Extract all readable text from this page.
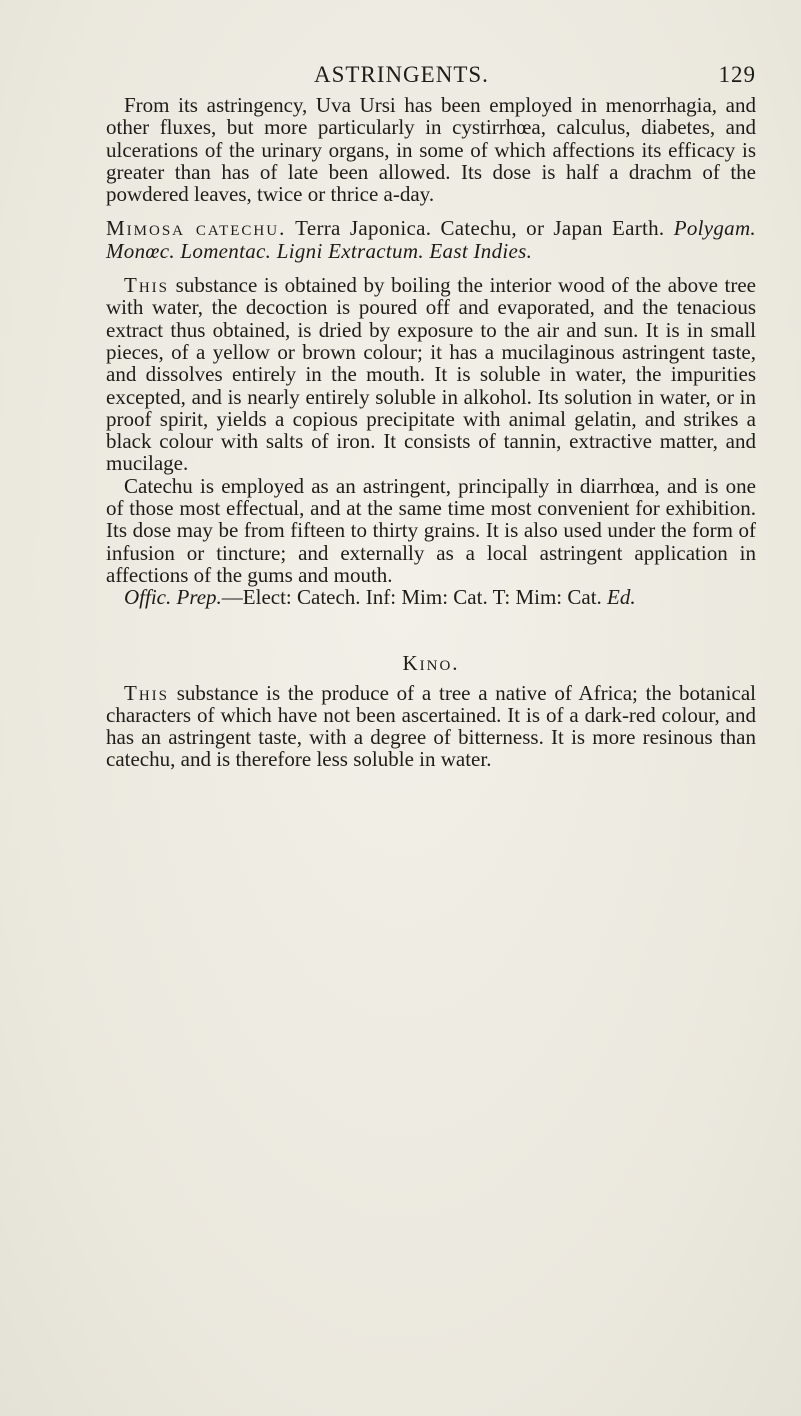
ASTRINGENTS.	129

From its astringency, Uva Ursi has been employed in menorrhagia, and other fluxes, but more particularly in cystirrhœa, calculus, diabetes, and ulcerations of the urinary organs, in some of which affections its efficacy is greater than has of late been allowed. Its dose is half a drachm of the powdered leaves, twice or thrice a-day.

Mimosa catechu. Terra Japonica. Catechu, or Japan Earth. Polygam. Monœc. Lomentac. Ligni Extractum. East Indies.

This substance is obtained by boiling the interior wood of the above tree with water, the decoction is poured off and evaporated, and the tenacious extract thus obtained, is dried by exposure to the air and sun. It is in small pieces, of a yellow or brown colour; it has a mucilaginous astringent taste, and dissolves entirely in the mouth. It is soluble in water, the impurities excepted, and is nearly entirely soluble in alkohol. Its solution in water, or in proof spirit, yields a copious precipitate with animal gelatin, and strikes a black colour with salts of iron. It consists of tannin, extractive matter, and mucilage.

Catechu is employed as an astringent, principally in diarrhœa, and is one of those most effectual, and at the same time most convenient for exhibition. Its dose may be from fifteen to thirty grains. It is also used under the form of infusion or tincture; and externally as a local astringent application in affections of the gums and mouth.

Offic. Prep.—Elect: Catech. Inf: Mim: Cat. T: Mim: Cat. Ed.

Kino.

This substance is the produce of a tree a native of Africa; the botanical characters of which have not been ascertained. It is of a dark-red colour, and has an astringent taste, with a degree of bitterness. It is more resinous than catechu, and is therefore less soluble in water.
